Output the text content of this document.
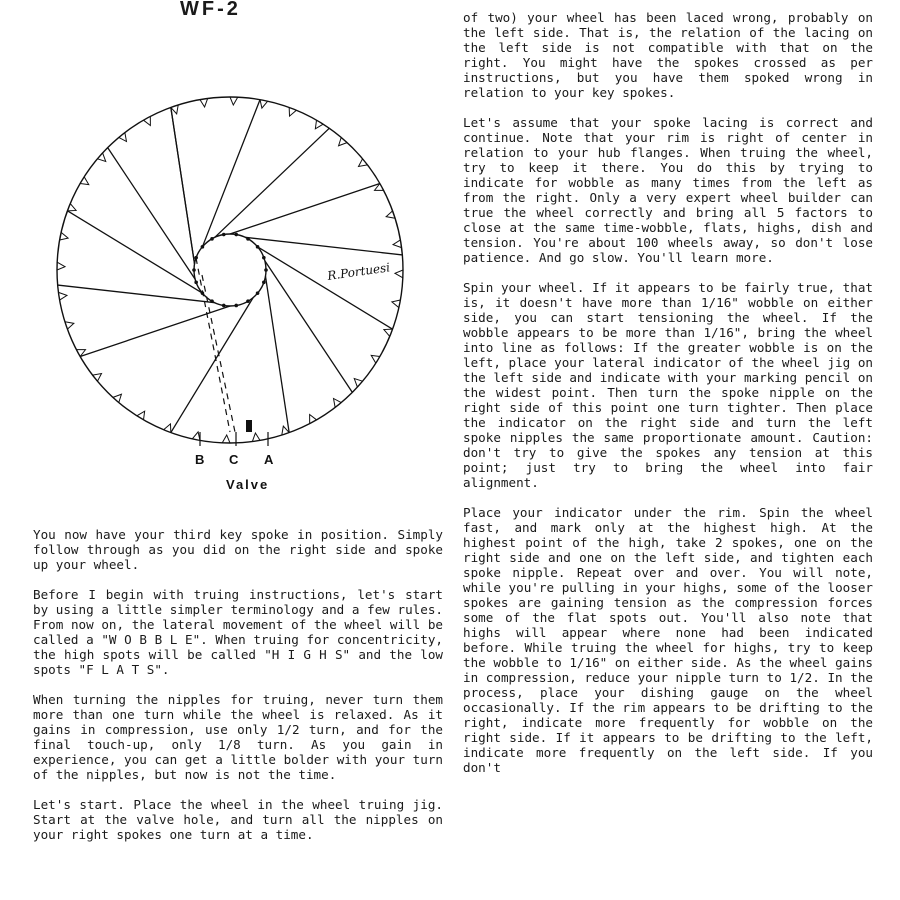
WF-2
B C A
Valve
R.Portuesi

You now have your third key spoke in position. Simply follow through as you did on the right side and spoke up your wheel.

Before I begin with truing instructions, let's start by using a little simpler terminology and a few rules. From now on, the lateral movement of the wheel will be called a "W O B B L E". When truing for concentricity, the high spots will be called "H I G H S" and the low spots "F L A T S".

When turning the nipples for truing, never turn them more than one turn while the wheel is relaxed. As it gains in compression, use only 1/2 turn, and for the final touch-up, only 1/8 turn. As you gain in experience, you can get a little bolder with your turn of the nipples, but now is not the time.

Let's start. Place the wheel in the wheel truing jig. Start at the valve hole, and turn all the nipples on your right spokes one turn at a time.

of two) your wheel has been laced wrong, probably on the left side. That is, the relation of the lacing on the left side is not compatible with that on the right. You might have the spokes crossed as per instructions, but you have them spoked wrong in relation to your key spokes.

Let's assume that your spoke lacing is correct and continue. Note that your rim is right of center in relation to your hub flanges. When truing the wheel, try to keep it there. You do this by trying to indicate for wobble as many times from the left as from the right. Only a very expert wheel builder can true the wheel correctly and bring all 5 factors to close at the same time-wobble, flats, highs, dish and tension. You're about 100 wheels away, so don't lose patience. And go slow. You'll learn more.

Spin your wheel. If it appears to be fairly true, that is, it doesn't have more than 1/16" wobble on either side, you can start tensioning the wheel. If the wobble appears to be more than 1/16", bring the wheel into line as follows: If the greater wobble is on the left, place your lateral indicator of the wheel jig on the left side and indicate with your marking pencil on the widest point. Then turn the spoke nipple on the right side of this point one turn tighter. Then place the indicator on the right side and turn the left spoke nipples the same proportionate amount. Caution: don't try to give the spokes any tension at this point; just try to bring the wheel into fair alignment.

Place your indicator under the rim. Spin the wheel fast, and mark only at the highest high. At the highest point of the high, take 2 spokes, one on the right side and one on the left side, and tighten each spoke nipple. Repeat over and over. You will note, while you're pulling in your highs, some of the looser spokes are gaining tension as the compression forces some of the flat spots out. You'll also note that highs will appear where none had been indicated before. While truing the wheel for highs, try to keep the wobble to 1/16" on either side. As the wheel gains in compression, reduce your nipple turn to 1/2. In the process, place your dishing gauge on the wheel occasionally. If the rim appears to be drifting to the right, indicate more frequently for wobble on the right side. If it appears to be drifting to the left, indicate more frequently on the left side. If you don't
